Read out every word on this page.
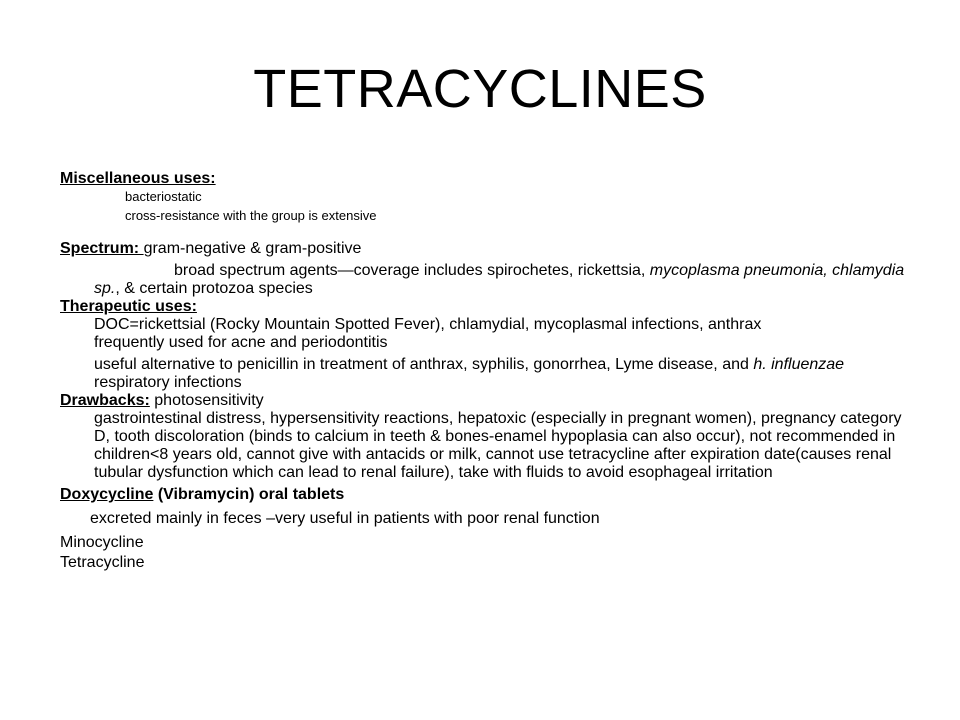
TETRACYCLINES

Miscellaneous uses:

bacteriostatic

cross-resistance with the group is extensive

Spectrum: gram-negative & gram-positive

broad spectrum agents—coverage includes spirochetes, rickettsia, mycoplasma pneumonia, chlamydia sp., & certain protozoa species

Therapeutic uses:

DOC=rickettsial (Rocky Mountain Spotted Fever), chlamydial, mycoplasmal infections, anthrax

frequently used for acne and periodontitis

useful alternative to penicillin in treatment of anthrax, syphilis, gonorrhea, Lyme disease, and h. influenzae respiratory infections

Drawbacks: photosensitivity

gastrointestinal distress, hypersensitivity reactions, hepatoxic (especially in pregnant women), pregnancy category D, tooth discoloration (binds to calcium in teeth & bones-enamel hypoplasia can also occur), not recommended in children<8 years old, cannot give with antacids or milk, cannot use tetracycline after expiration date(causes renal tubular dysfunction which can lead to renal failure), take with fluids to avoid esophageal irritation

Doxycycline (Vibramycin) oral tablets

excreted mainly in feces –very useful in patients with poor renal function

Minocycline

Tetracycline
